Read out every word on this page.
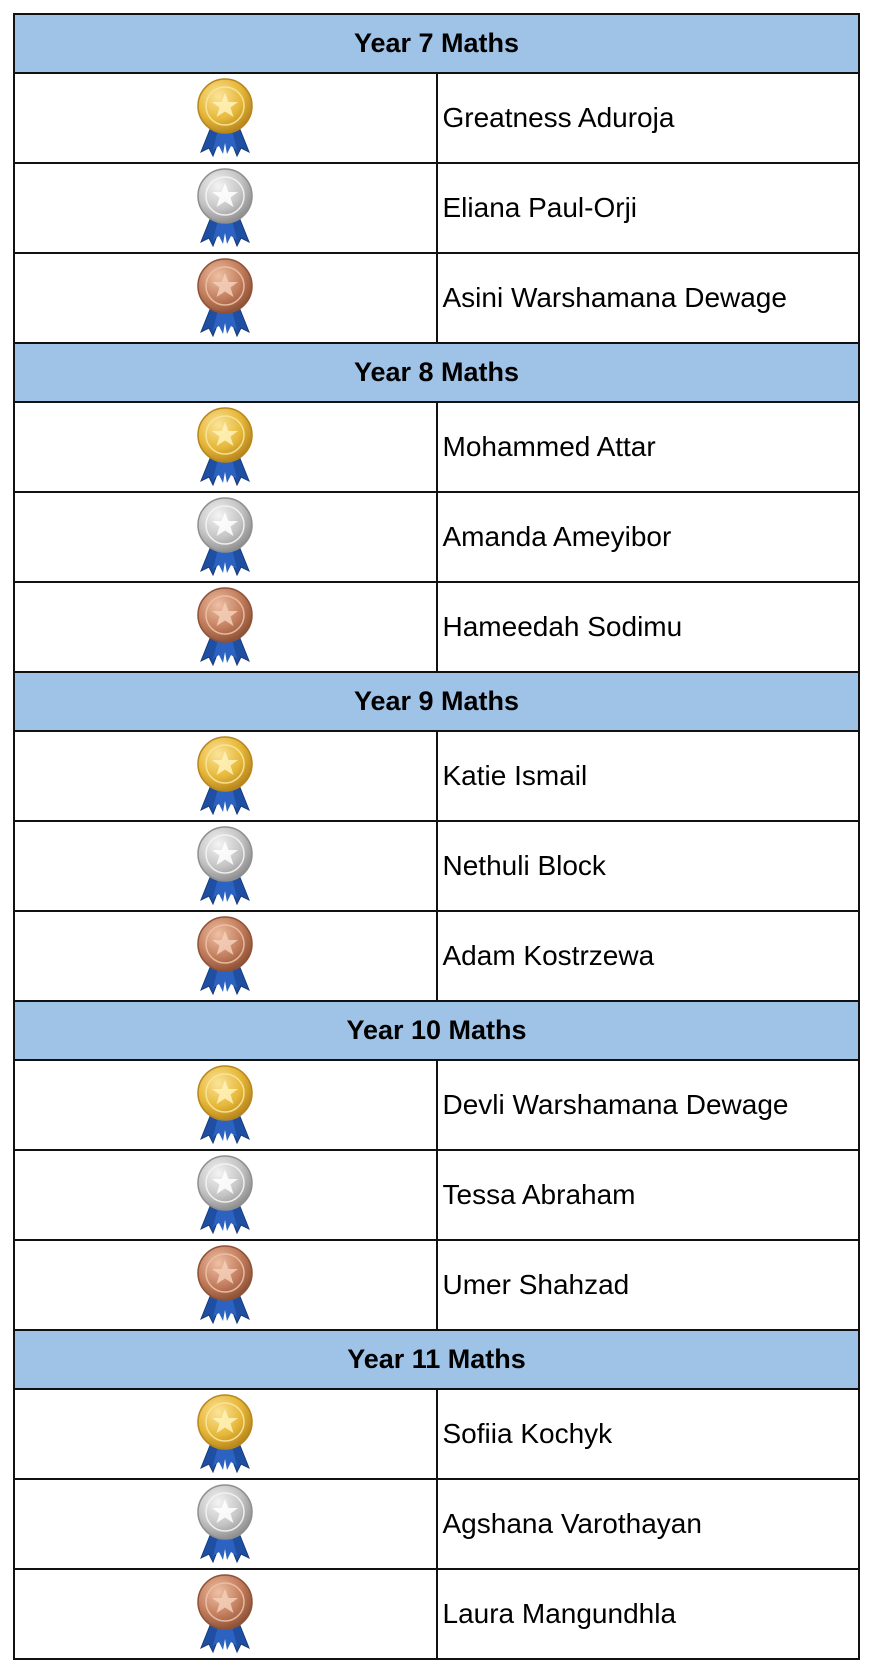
Year 7 Maths	

	Greatness Aduroja

	Eliana Paul-Orji

	Asini Warshamana Dewage
Year 8 Maths	

	Mohammed Attar

	Amanda Ameyibor

	Hameedah Sodimu
Year 9 Maths	

	Katie Ismail

	Nethuli Block

	Adam Kostrzewa
Year 10 Maths	

	Devli Warshamana Dewage

	Tessa Abraham

	Umer Shahzad
Year 11 Maths	

	Sofiia Kochyk

	Agshana Varothayan

	Laura Mangundhla
